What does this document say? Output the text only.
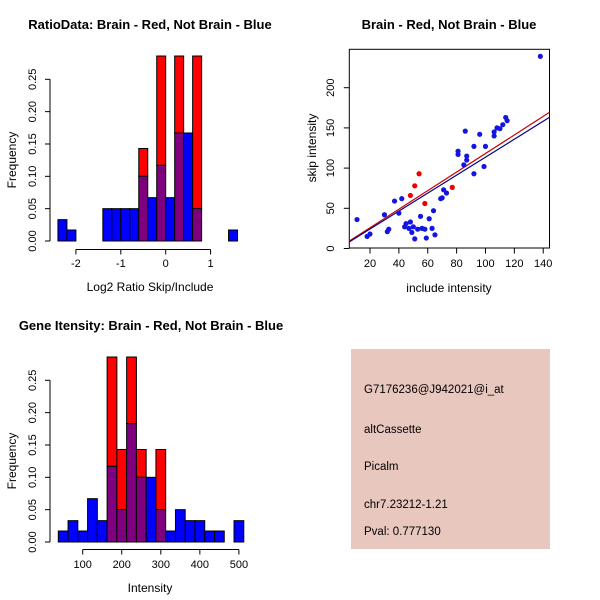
RatioData: Brain - Red, Not Brain - Blue
Log2 Ratio Skip/Include
Frequency
0.00
0.05
0.10
0.15
0.20
0.25
-2	-1	0	1
Brain - Red, Not Brain - Blue
include intensity
skip intensity
0
50
100
150
200
20 40 60 80 100 120 140
Gene Itensity: Brain - Red, Not Brain - Blue
Intensity
Frequency
0.00
0.05
0.10
0.15
0.20
0.25
100 200 300 400 500
G7176236@J942021@i_at
altCassette
Picalm
chr7.23212-1.21
Pval: 0.777130
